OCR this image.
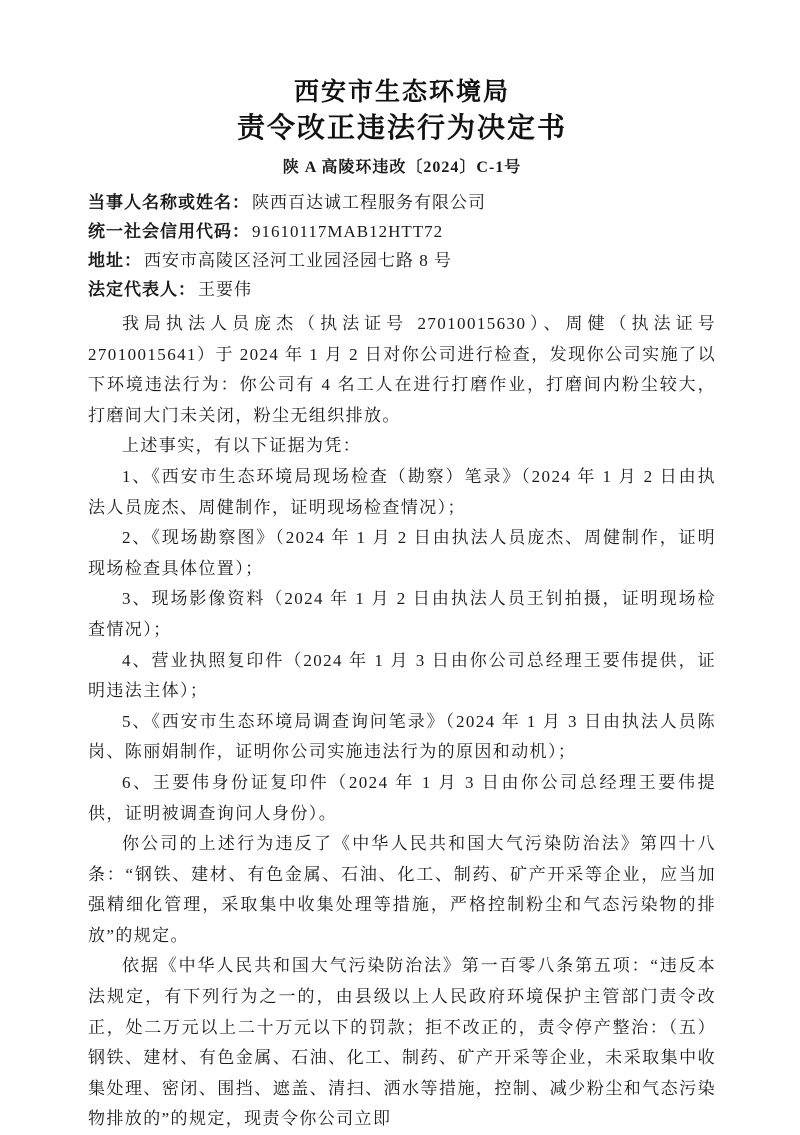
西安市生态环境局
责令改正违法行为决定书
陕 A 高陵环违改〔2024〕C-1号
当事人名称或姓名： 陕西百达诚工程服务有限公司
统一社会信用代码： 91610117MAB12HTT72
地址： 西安市高陵区泾河工业园泾园七路 8 号
法定代表人： 王要伟

我局执法人员庞杰（执法证号 27010015630）、周健（执法证号 27010015641）于 2024 年 1 月 2 日对你公司进行检查，发现你公司实施了以下环境违法行为：你公司有 4 名工人在进行打磨作业，打磨间内粉尘较大，打磨间大门未关闭，粉尘无组织排放。

上述事实，有以下证据为凭：

1、《西安市生态环境局现场检查（勘察）笔录》（2024 年 1 月 2 日由执法人员庞杰、周健制作，证明现场检查情况）；

2、《现场勘察图》（2024 年 1 月 2 日由执法人员庞杰、周健制作，证明现场检查具体位置）；

3、现场影像资料（2024 年 1 月 2 日由执法人员王钊拍摄，证明现场检查情况）；

4、营业执照复印件（2024 年 1 月 3 日由你公司总经理王要伟提供，证明违法主体）；

5、《西安市生态环境局调查询问笔录》（2024 年 1 月 3 日由执法人员陈岗、陈丽娟制作，证明你公司实施违法行为的原因和动机）；

6、王要伟身份证复印件（2024 年 1 月 3 日由你公司总经理王要伟提供，证明被调查询问人身份）。

你公司的上述行为违反了《中华人民共和国大气污染防治法》第四十八条：“钢铁、建材、有色金属、石油、化工、制药、矿产开采等企业，应当加强精细化管理，采取集中收集处理等措施，严格控制粉尘和气态污染物的排放”的规定。

依据《中华人民共和国大气污染防治法》第一百零八条第五项：“违反本法规定，有下列行为之一的，由县级以上人民政府环境保护主管部门责令改正，处二万元以上二十万元以下的罚款；拒不改正的，责令停产整治：（五）钢铁、建材、有色金属、石油、化工、制药、矿产开采等企业，未采取集中收集处理、密闭、围挡、遮盖、清扫、洒水等措施，控制、减少粉尘和气态污染物排放的”的规定，现责令你公司立即
